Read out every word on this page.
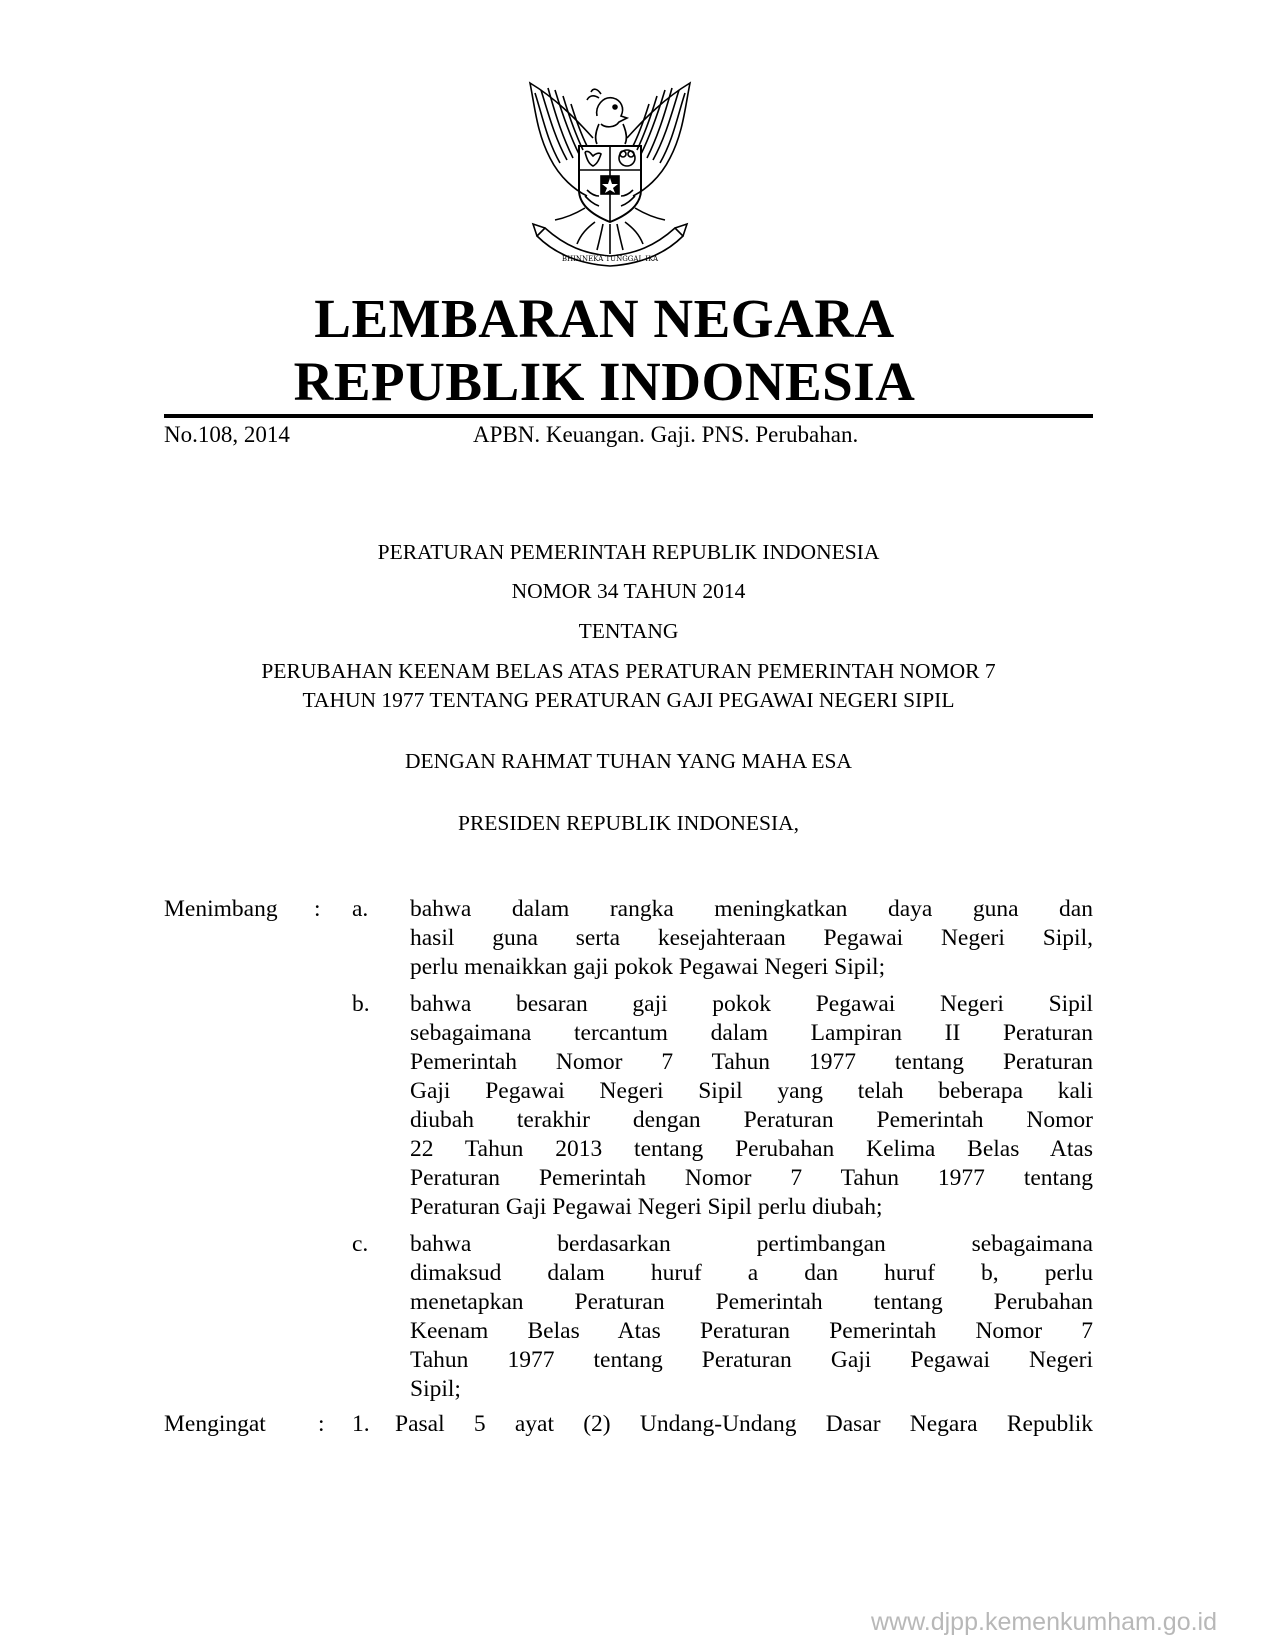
BHINNEKA TUNGGAL IKA
LEMBARAN NEGARA
REPUBLIK INDONESIA
No.108, 2014	APBN. Keuangan. Gaji. PNS. Perubahan.
PERATURAN PEMERINTAH REPUBLIK INDONESIA
NOMOR 34 TAHUN 2014
TENTANG
PERUBAHAN KEENAM BELAS ATAS PERATURAN PEMERINTAH NOMOR 7
TAHUN 1977 TENTANG PERATURAN GAJI PEGAWAI NEGERI SIPIL
DENGAN RAHMAT TUHAN YANG MAHA ESA
PRESIDEN REPUBLIK INDONESIA,
Menimbang : a. bahwa dalam rangka meningkatkan daya guna dan
hasil guna serta kesejahteraan Pegawai Negeri Sipil,
perlu menaikkan gaji pokok Pegawai Negeri Sipil;
b. bahwa besaran gaji pokok Pegawai Negeri Sipil
sebagaimana tercantum dalam Lampiran II Peraturan
Pemerintah Nomor 7 Tahun 1977 tentang Peraturan
Gaji Pegawai Negeri Sipil yang telah beberapa kali
diubah terakhir dengan Peraturan Pemerintah Nomor
22 Tahun 2013 tentang Perubahan Kelima Belas Atas
Peraturan Pemerintah Nomor 7 Tahun 1977 tentang
Peraturan Gaji Pegawai Negeri Sipil perlu diubah;
c. bahwa berdasarkan pertimbangan sebagaimana
dimaksud dalam huruf a dan huruf b, perlu
menetapkan Peraturan Pemerintah tentang Perubahan
Keenam Belas Atas Peraturan Pemerintah Nomor 7
Tahun 1977 tentang Peraturan Gaji Pegawai Negeri
Sipil;
Mengingat : 1. Pasal 5 ayat (2) Undang-Undang Dasar Negara Republik
www.djpp.kemenkumham.go.id
